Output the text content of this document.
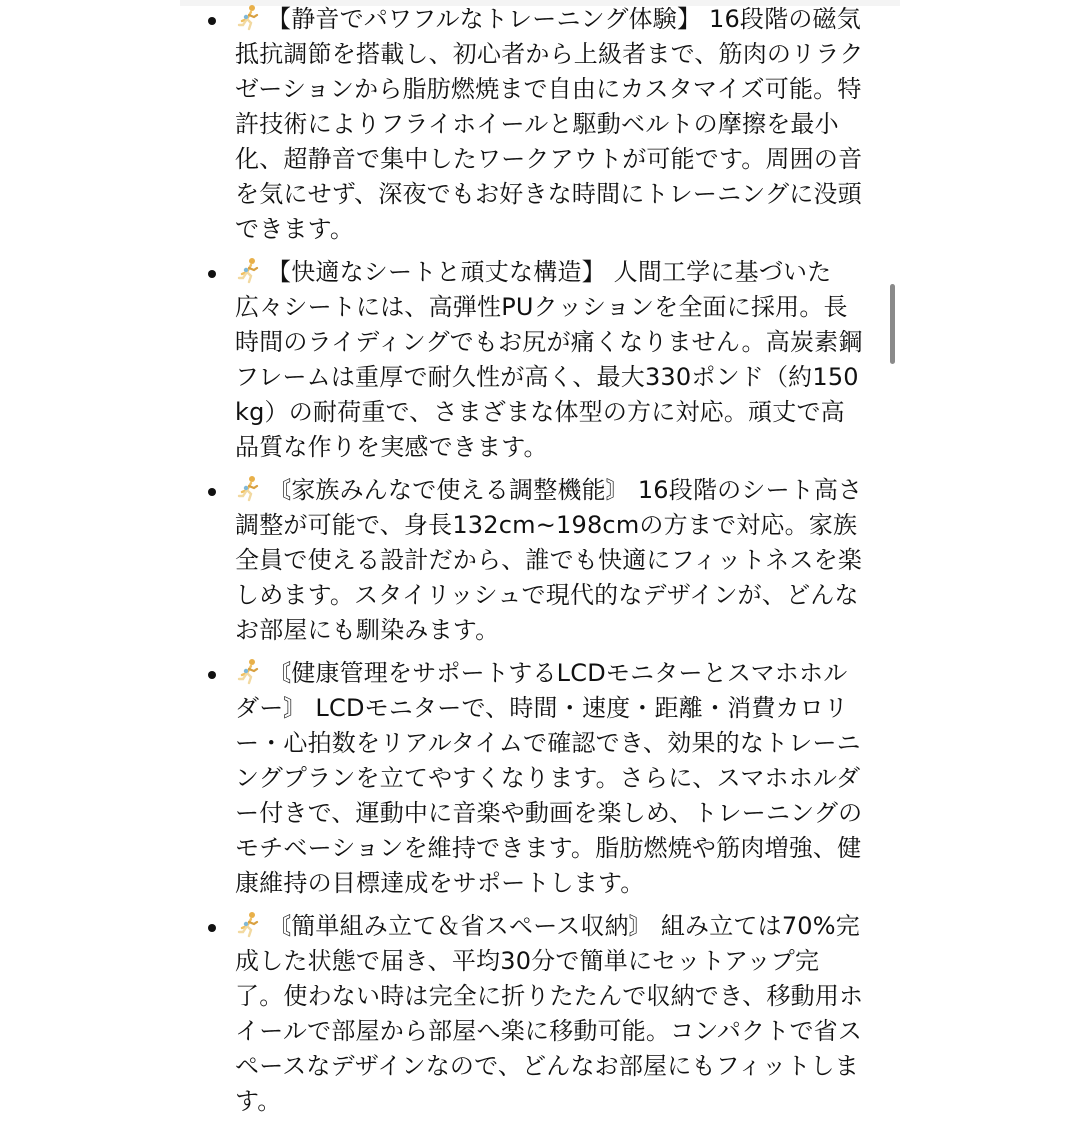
【静音でパワフルなトレーニング体験】 16段階の磁気抵抗調節を搭載し、初心者から上級者まで、筋肉のリラクゼーションから脂肪燃焼まで自由にカスタマイズ可能。特許技術によりフライホイールと駆動ベルトの摩擦を最小化、超静音で集中したワークアウトが可能です。周囲の音を気にせず、深夜でもお好きな時間にトレーニングに没頭できます。
【快適なシートと頑丈な構造】 人間工学に基づいた広々シートには、高弾性PUクッションを全面に採用。長時間のライディングでもお尻が痛くなりません。高炭素鋼フレームは重厚で耐久性が高く、最大330ポンド（約150kg）の耐荷重で、さまざまな体型の方に対応。頑丈で高品質な作りを実感できます。
〘家族みんなで使える調整機能〙 16段階のシート高さ調整が可能で、身長132cm~198cmの方まで対応。家族全員で使える設計だから、誰でも快適にフィットネスを楽しめます。スタイリッシュで現代的なデザインが、どんなお部屋にも馴染みます。
〘健康管理をサポートするLCDモニターとスマホホルダー〙 LCDモニターで、時間・速度・距離・消費カロリー・心拍数をリアルタイムで確認でき、効果的なトレーニングプランを立てやすくなります。さらに、スマホホルダー付きで、運動中に音楽や動画を楽しめ、トレーニングのモチベーションを維持できます。脂肪燃焼や筋肉増強、健康維持の目標達成をサポートします。
〘簡単組み立て＆省スペース収納〙 組み立ては70%完成した状態で届き、平均30分で簡単にセットアップ完了。使わない時は完全に折りたたんで収納でき、移動用ホイールで部屋から部屋へ楽に移動可能。コンパクトで省スペースなデザインなので、どんなお部屋にもフィットします。
